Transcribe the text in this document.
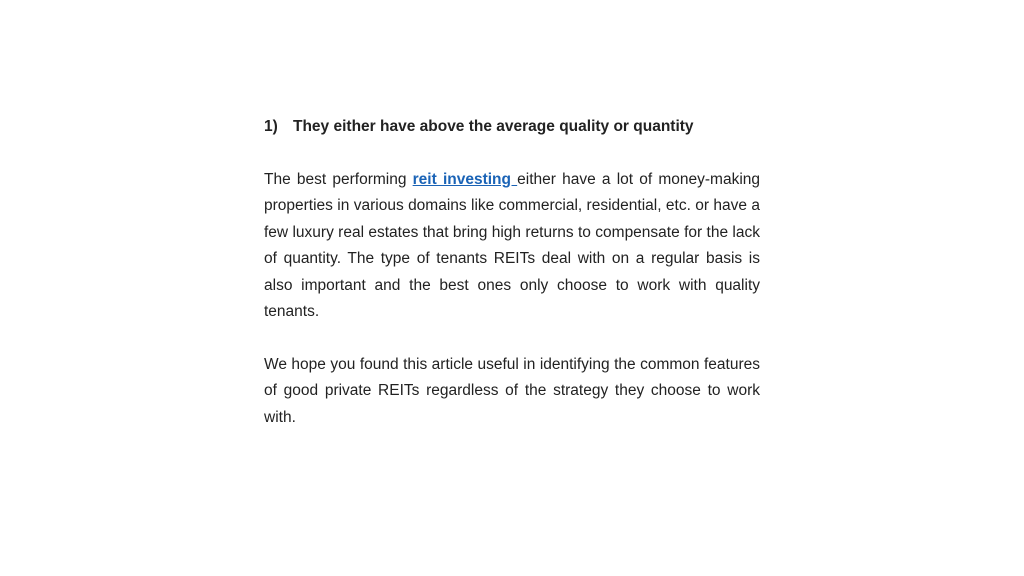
1) They either have above the average quality or quantity

The best performing reit investing either have a lot of money-making properties in various domains like commercial, residential, etc. or have a few luxury real estates that bring high returns to compensate for the lack of quantity. The type of tenants REITs deal with on a regular basis is also important and the best ones only choose to work with quality tenants.

We hope you found this article useful in identifying the common features of good private REITs regardless of the strategy they choose to work with.
